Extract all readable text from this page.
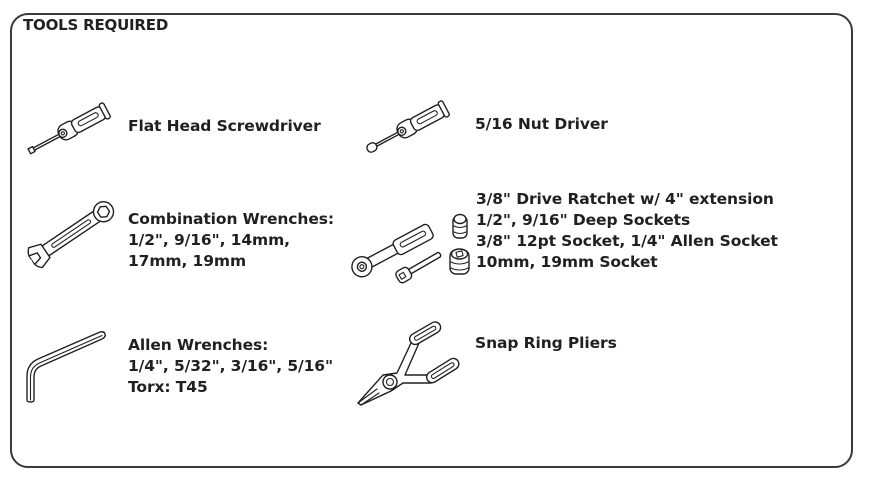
TOOLS REQUIRED
Flat Head Screwdriver	5/16 Nut Driver
Combination Wrenches:
1/2", 9/16", 14mm,
17mm, 19mm
3/8" Drive Ratchet w/ 4" extension
1/2", 9/16" Deep Sockets
3/8" 12pt Socket, 1/4" Allen Socket
10mm, 19mm Socket
Allen Wrenches:
1/4", 5/32", 3/16", 5/16"
Torx: T45
Snap Ring Pliers
